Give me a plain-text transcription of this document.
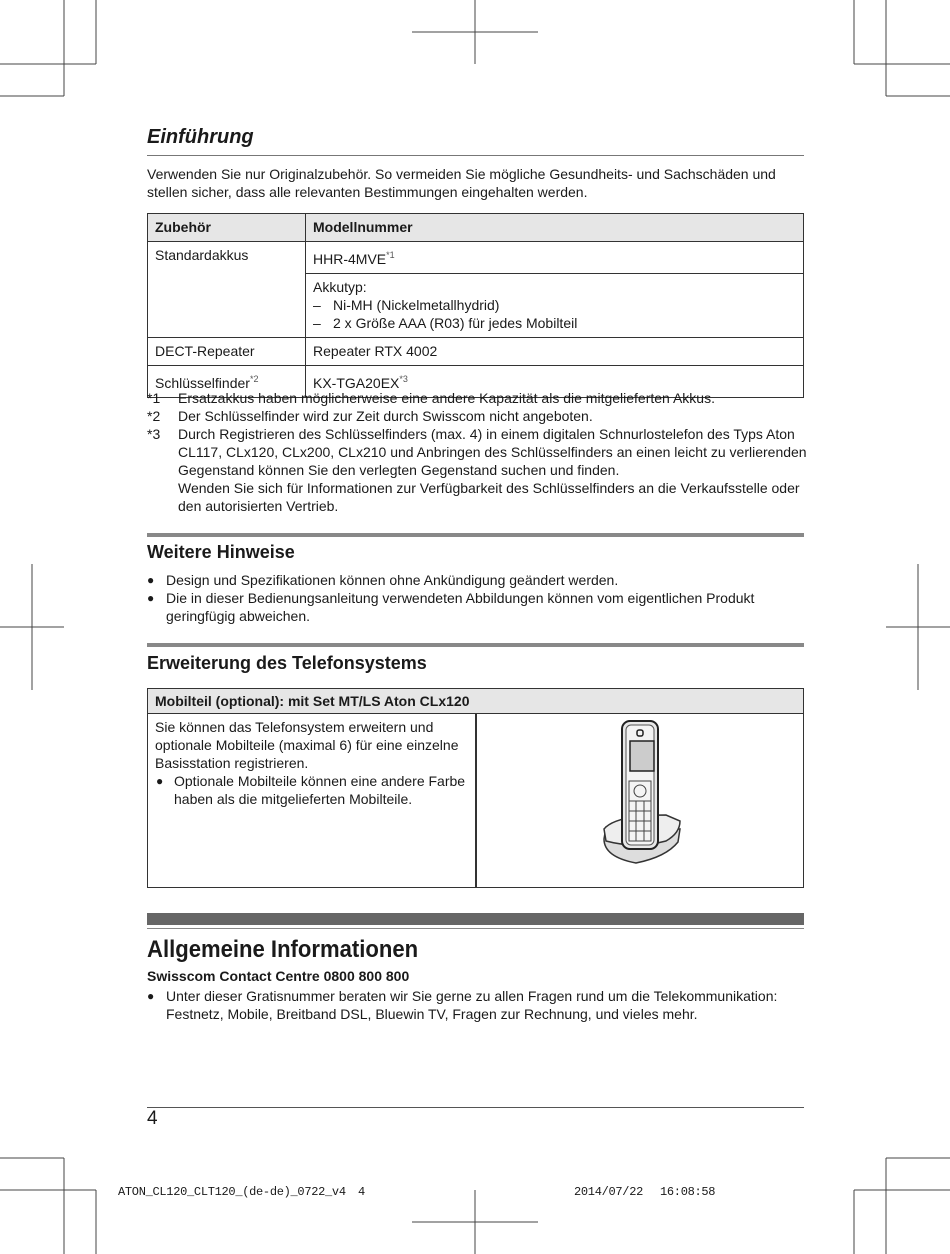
Einführung
Verwenden Sie nur Originalzubehör. So vermeiden Sie mögliche Gesundheits- und Sachschäden und stellen sicher, dass alle relevanten Bestimmungen eingehalten werden.
Zubehör	Modellnummer
Standardakkus	HHR-4MVE$^{*1}$

	Akkutyp:
– Ni-MH (Nickelmetallhydrid)
– 2 x Größe AAA (R03) für jedes Mobilteil

DECT-Repeater	Repeater RTX 4002
Schlüsselfinder$^{*2}$	KX-TGA20EX$^{*3}$
*1	Ersatzakkus haben möglicherweise eine andere Kapazität als die mitgelieferten Akkus.
*2	Der Schlüsselfinder wird zur Zeit durch Swisscom nicht angeboten.
*3	Durch Registrieren des Schlüsselfinders (max. 4) in einem digitalen Schnurlostelefon des Typs Aton CL117, CLx120, CLx200, CLx210 und Anbringen des Schlüsselfinders an einen leicht zu verlierenden Gegenstand können Sie den verlegten Gegenstand suchen und finden.
Wenden Sie sich für Informationen zur Verfügbarkeit des Schlüsselfinders an die Verkaufsstelle oder den autorisierten Vertrieb.
Weitere Hinweise
● Design und Spezifikationen können ohne Ankündigung geändert werden.
● Die in dieser Bedienungsanleitung verwendeten Abbildungen können vom eigentlichen Produkt geringfügig abweichen.
Erweiterung des Telefonsystems
Mobilteil (optional): mit Set MT/LS Aton CLx120
Sie können das Telefonsystem erweitern und optionale Mobilteile (maximal 6) für eine einzelne Basisstation registrieren.
● Optionale Mobilteile können eine andere Farbe haben als die mitgelieferten Mobilteile.
Allgemeine Informationen
Swisscom Contact Centre 0800 800 800
● Unter dieser Gratisnummer beraten wir Sie gerne zu allen Fragen rund um die Telekommunikation: Festnetz, Mobile, Breitband DSL, Bluewin TV, Fragen zur Rechnung, und vieles mehr.
4
ATON_CL120_CLT120_(de-de)_0722_v4 4	2014/07/22 16:08:58
